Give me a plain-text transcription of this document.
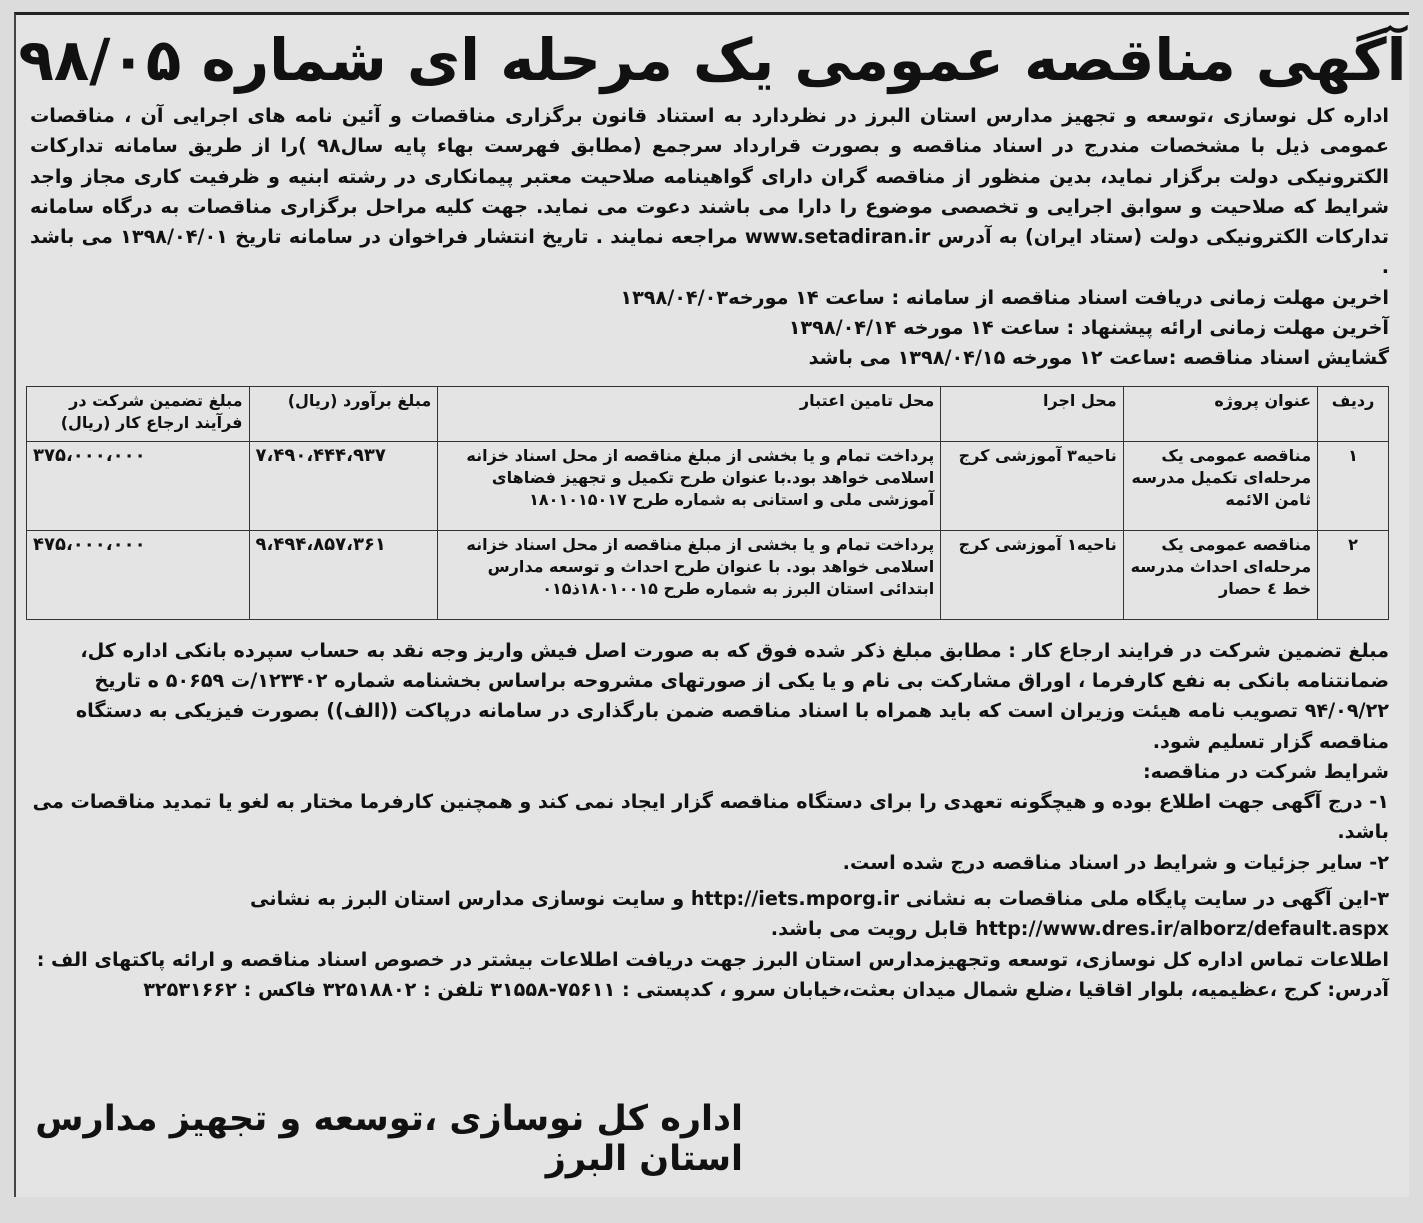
آگهی مناقصه عمومی یک مرحله ای شماره ۹۸/۰۵

اداره کل نوسازی ،توسعه و تجهیز مدارس استان البرز در نظردارد به استناد قانون برگزاری مناقصات و آئین نامه های اجرایی آن ، مناقصات عمومی ذیل با مشخصات مندرج در اسناد مناقصه و بصورت قرارداد سرجمع (مطابق فهرست بهاء پایه سال۹۸ )را از طریق سامانه تدارکات الکترونیکی دولت برگزار نماید، بدین منظور از مناقصه گران دارای گواهینامه صلاحیت معتبر پیمانکاری در رشته ابنیه و ظرفیت کاری مجاز واجد شرایط که صلاحیت و سوابق اجرایی و تخصصی موضوع را دارا می باشند دعوت می نماید. جهت کلیه مراحل برگزاری مناقصات به درگاه سامانه تدارکات الکترونیکی دولت (ستاد ایران) به آدرس www.setadiran.ir مراجعه نمایند . تاریخ انتشار فراخوان در سامانه تاریخ ۱۳۹۸/۰۴/۰۱ می باشد .

اخرین مهلت زمانی دریافت اسناد مناقصه از سامانه : ساعت ۱۴ مورخه۱۳۹۸/۰۴/۰۳

آخرین مهلت زمانی ارائه پیشنهاد : ساعت ۱۴ مورخه ۱۳۹۸/۰۴/۱۴

گشایش اسناد مناقصه :ساعت ۱۲ مورخه ۱۳۹۸/۰۴/۱۵ می باشد

ردیف	عنوان پروژه	محل اجرا	محل تامین اعتبار	مبلغ برآورد (ریال)	مبلغ تضمین شرکت در فرآیند ارجاع کار (ریال)
۱	مناقصه عمومی یک مرحله‌ای تکمیل مدرسه ثامن الائمه	ناحیه۳ آموزشی کرج	پرداخت تمام و یا بخشی از مبلغ مناقصه از محل اسناد خزانه اسلامی خواهد بود.با عنوان طرح تکمیل و تجهیز فضاهای آموزشی ملی و استانی به شماره طرح ۱۸۰۱۰۱۵۰۱۷	۷،۴۹۰،۴۴۴،۹۳۷	۳۷۵،۰۰۰،۰۰۰
۲	مناقصه عمومی یک مرحله‌ای احداث مدرسه خط ٤ حصار	ناحیه۱ آموزشی کرج	پرداخت تمام و یا بخشی از مبلغ مناقصه از محل اسناد خزانه اسلامی خواهد بود. با عنوان طرح احداث و توسعه مدارس ابتدائی استان البرز به شماره طرح ۱۸۰۱۰۰۱۵ذ۰۱۵	۹،۴۹۴،۸۵۷،۳۶۱	۴۷۵،۰۰۰،۰۰۰

مبلغ تضمین شرکت در فرایند ارجاع کار : مطابق مبلغ ذکر شده فوق که به صورت اصل فیش واریز وجه نقد به حساب سپرده بانکی اداره کل، ضمانتنامه بانکی به نفع کارفرما ، اوراق مشارکت بی نام و یا یکی از صورتهای مشروحه براساس بخشنامه شماره ۱۲۳۴۰۲/ت ۵۰۶۵۹ ه تاریخ ۹۴/۰۹/۲۲ تصویب نامه هیئت وزیران است که باید همراه با اسناد مناقصه ضمن بارگذاری در سامانه درپاکت ((الف)) بصورت فیزیکی به دستگاه مناقصه گزار تسلیم شود.

شرایط شرکت در مناقصه:

۱- درج آگهی جهت اطلاع بوده و هیچگونه تعهدی را برای دستگاه مناقصه گزار ایجاد نمی کند و همچنین کارفرما مختار به لغو یا تمدید مناقصات می باشد.

۲- سایر جزئیات و شرایط در اسناد مناقصه درج شده است.

۳-این آگهی در سایت پایگاه ملی مناقصات به نشانی http://iets.mporg.ir و سایت نوسازی مدارس استان البرز به نشانی http://www.dres.ir/alborz/default.aspx قابل رویت می باشد.

اطلاعات تماس اداره کل نوسازی، توسعه وتجهیزمدارس استان البرز جهت دریافت اطلاعات بیشتر در خصوص اسناد مناقصه و ارائه پاکتهای الف :

آدرس: کرج ،عظیمیه، بلوار اقاقیا ،ضلع شمال میدان بعثت،خیابان سرو ، کدپستی : ۷۵۶۱۱-۳۱۵۵۸ تلفن : ۳۲۵۱۸۸۰۲ فاکس : ۳۲۵۳۱۶۶۲

اداره کل نوسازی ،توسعه و تجهیز مدارس استان البرز
